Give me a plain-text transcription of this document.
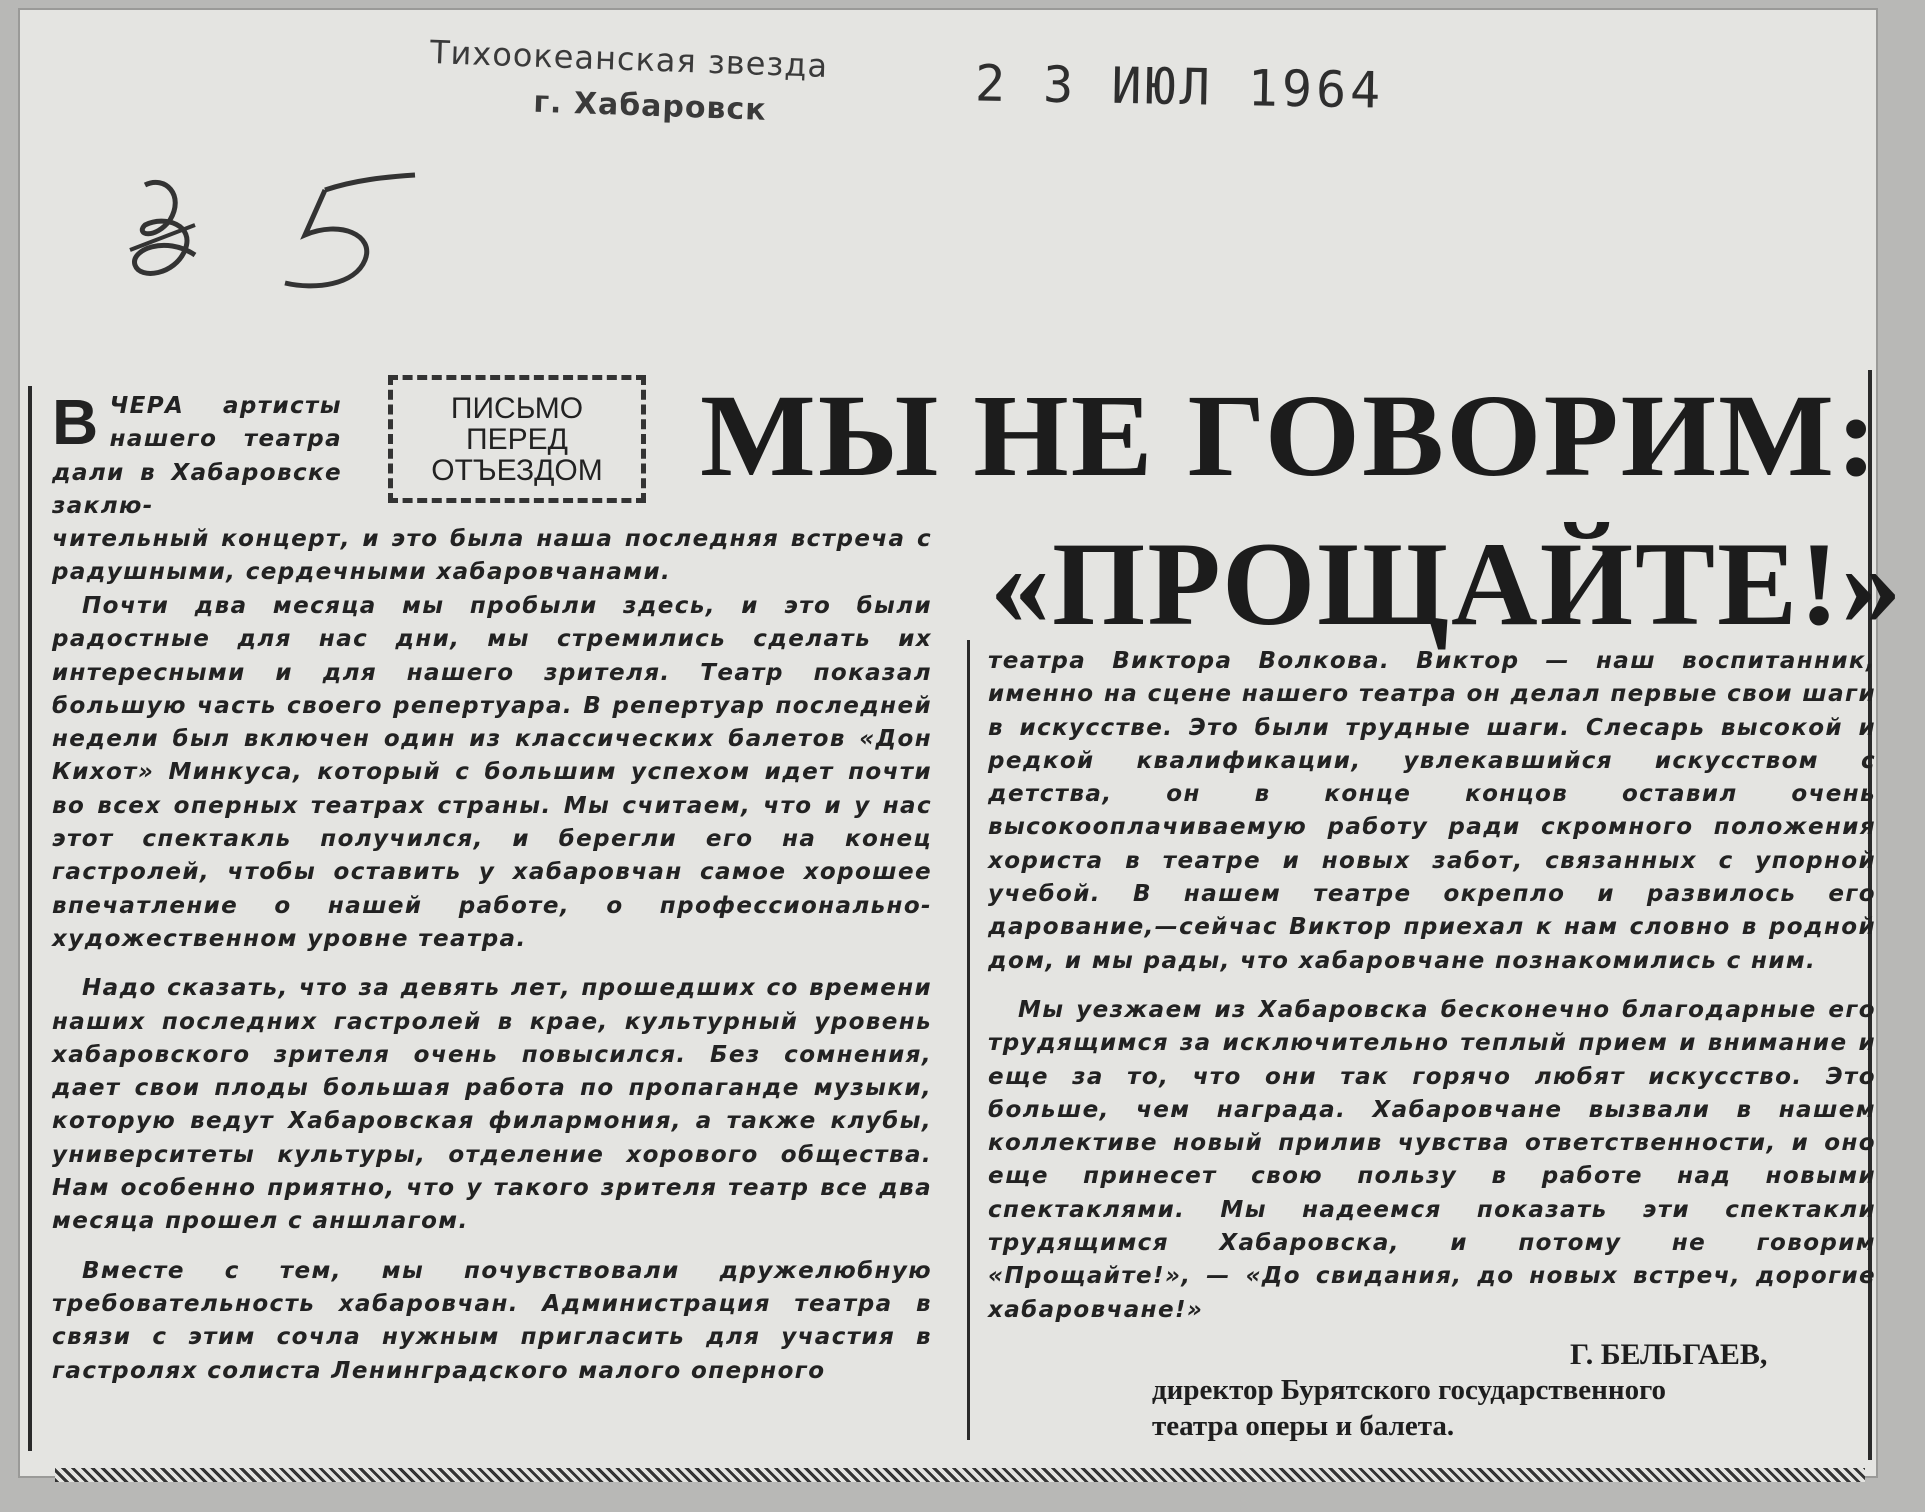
Тихоокеанская звезда
г. Хабаровск	2 3 ИЮЛ 1964
ПИСЬМО
ПЕРЕД
ОТЪЕЗДОМ МЫ НЕ ГОВОРИМ:
«ПРОЩАЙТЕ!»
В ЧЕРА артисты нашего театра дали в Хабаровске заклю-

чительный концерт, и это была наша последняя встреча с радушными, сердечными хабаровчанами.

Почти два месяца мы пробыли здесь, и это были радостные для нас дни, мы стремились сделать их интересными и для нашего зрителя. Театр показал большую часть своего репертуара. В репертуар последней недели был включен один из классических балетов «Дон Кихот» Минкуса, который с большим успехом идет почти во всех оперных театрах страны. Мы считаем, что и у нас этот спектакль получился, и берегли его на конец гастролей, чтобы оставить у хабаровчан самое хорошее впечатление о нашей работе, о профессионально-художественном уровне театра.

Надо сказать, что за девять лет, прошедших со времени наших последних гастролей в крае, культурный уровень хабаровского зрителя очень повысился. Без сомнения, дает свои плоды большая работа по пропаганде музыки, которую ведут Хабаровская филармония, а также клубы, университеты культуры, отделение хорового общества. Нам особенно приятно, что у такого зрителя театр все два месяца прошел с аншлагом.

Вместе с тем, мы почувствовали дружелюбную требовательность хабаровчан. Администрация театра в связи с этим сочла нужным пригласить для участия в гастролях солиста Ленинградского малого оперного

театра Виктора Волкова. Виктор — наш воспитанник, именно на сцене нашего театра он делал первые свои шаги в искусстве. Это были трудные шаги. Слесарь высокой и редкой квалификации, увлекавшийся искусством с детства, он в конце концов оставил очень высокооплачиваемую работу ради скромного положения хориста в театре и новых забот, связанных с упорной учебой. В нашем театре окрепло и развилось его дарование,—сейчас Виктор приехал к нам словно в родной дом, и мы рады, что хабаровчане познакомились с ним.

Мы уезжаем из Хабаровска бесконечно благодарные его трудящимся за исключительно теплый прием и внимание и еще за то, что они так горячо любят искусство. Это больше, чем награда. Хабаровчане вызвали в нашем коллективе новый прилив чувства ответственности, и оно еще принесет свою пользу в работе над новыми спектаклями. Мы надеемся показать эти спектакли трудящимся Хабаровска, и потому не говорим «Прощайте!», — «До свидания, до новых встреч, дорогие хабаровчане!»

Г. БЕЛЬГАЕВ,
директор Бурятского государственного
театра оперы и балета.
